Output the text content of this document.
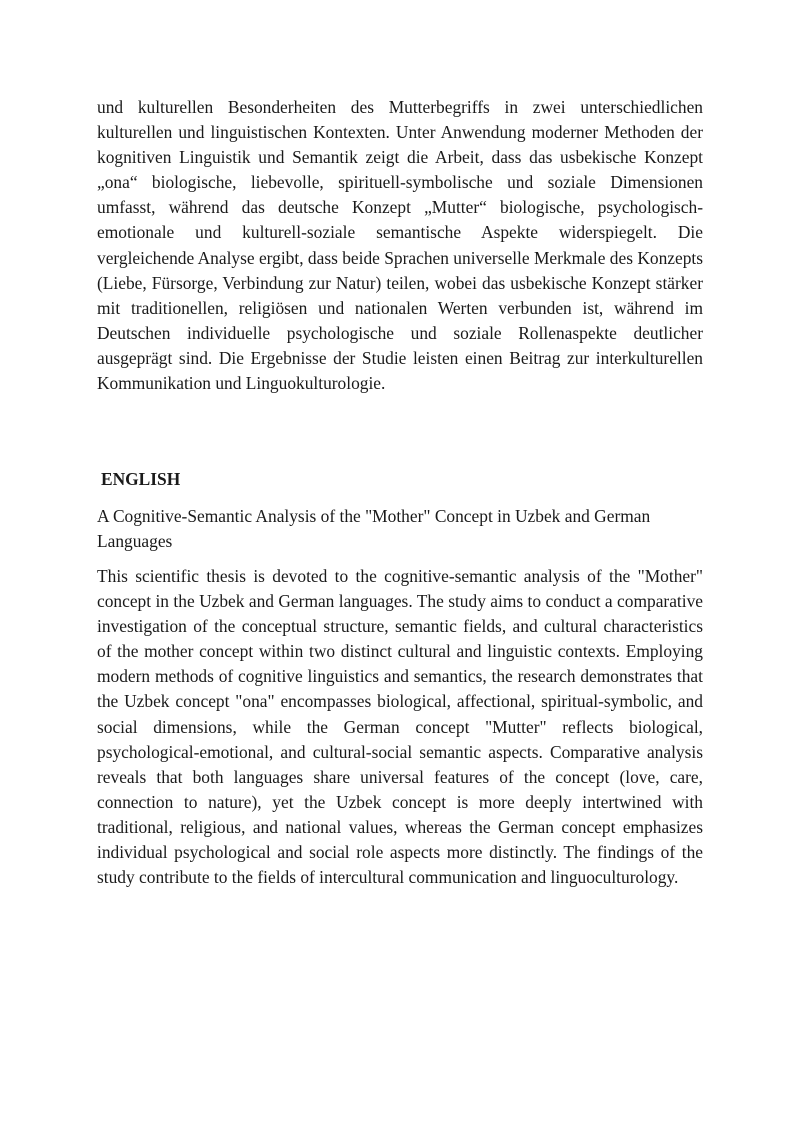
und kulturellen Besonderheiten des Mutterbegriffs in zwei unterschiedlichen kulturellen und linguistischen Kontexten. Unter Anwendung moderner Methoden der kognitiven Linguistik und Semantik zeigt die Arbeit, dass das usbekische Konzept „ona“ biologische, liebevolle, spirituell-symbolische und soziale Dimensionen umfasst, während das deutsche Konzept „Mutter“ biologische, psychologisch-emotionale und kulturell-soziale semantische Aspekte widerspiegelt. Die vergleichende Analyse ergibt, dass beide Sprachen universelle Merkmale des Konzepts (Liebe, Fürsorge, Verbindung zur Natur) teilen, wobei das usbekische Konzept stärker mit traditionellen, religiösen und nationalen Werten verbunden ist, während im Deutschen individuelle psychologische und soziale Rollenaspekte deutlicher ausgeprägt sind. Die Ergebnisse der Studie leisten einen Beitrag zur interkulturellen Kommunikation und Linguokulturologie.

ENGLISH

A Cognitive-Semantic Analysis of the "Mother" Concept in Uzbek and German Languages

This scientific thesis is devoted to the cognitive-semantic analysis of the "Mother" concept in the Uzbek and German languages. The study aims to conduct a comparative investigation of the conceptual structure, semantic fields, and cultural characteristics of the mother concept within two distinct cultural and linguistic contexts. Employing modern methods of cognitive linguistics and semantics, the research demonstrates that the Uzbek concept "ona" encompasses biological, affectional, spiritual-symbolic, and social dimensions, while the German concept "Mutter" reflects biological, psychological-emotional, and cultural-social semantic aspects. Comparative analysis reveals that both languages share universal features of the concept (love, care, connection to nature), yet the Uzbek concept is more deeply intertwined with traditional, religious, and national values, whereas the German concept emphasizes individual psychological and social role aspects more distinctly. The findings of the study contribute to the fields of intercultural communication and linguoculturology.
